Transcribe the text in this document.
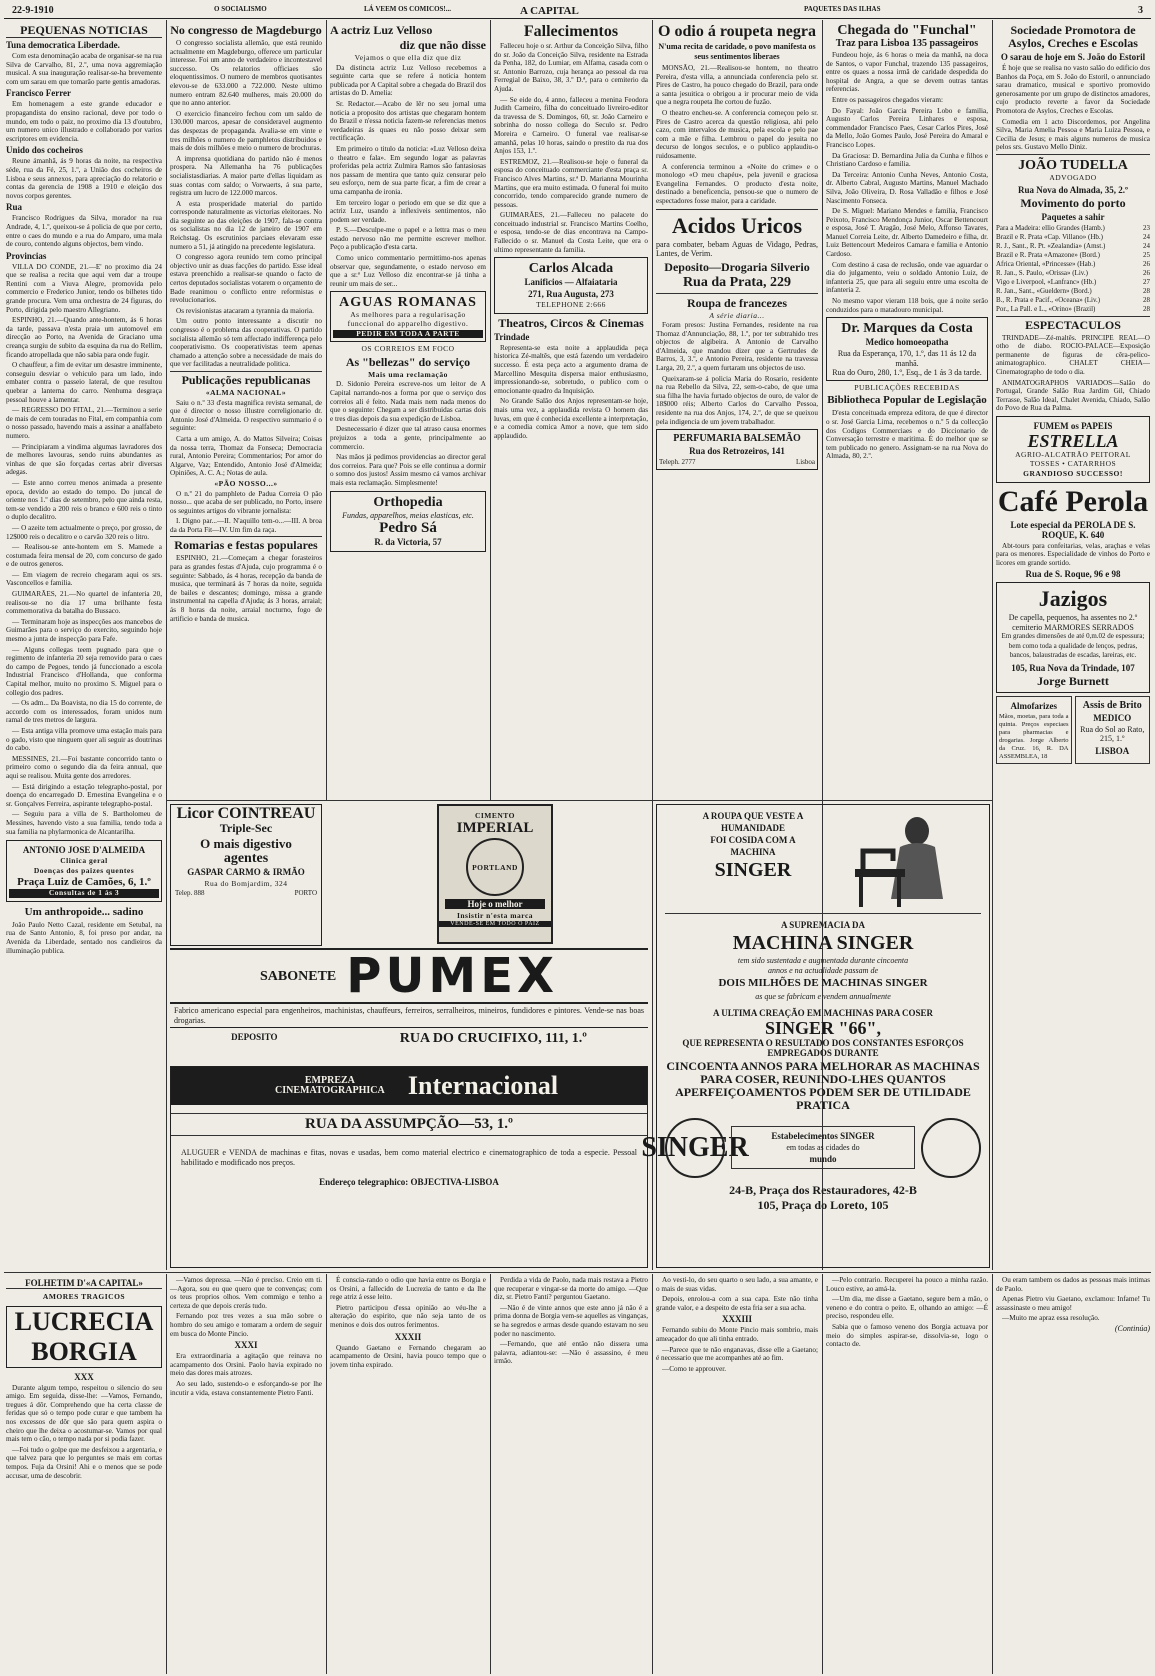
22-9-1910	O SOCIALISMO	LÁ VEEM OS COMICOS!...	A CAPITAL	PAQUETES DAS ILHAS	3
PEQUENAS NOTICIAS
Tuna democratica Liberdade.

Com esta denominação acaba de organisar-se na rua Silva de Carvalho, 81, 2.º, uma nova aggremiação musical. A sua inauguração realisar-se-ha brevemente com um sarau em que tomarão parte gentis amadoras.

Francisco Ferrer

Em homenagem a este grande educador e propagandista do ensino racional, deve por todo o mundo, em todo o paiz, no proximo dia 13 d'outubro, um numero unico illustrado e collaborado por varios escriptores em evidencia.

Unido dos cocheiros

Reune ámanhã, ás 9 horas da noite, na respectiva séde, rua da Fé, 25, 1.º, a União dos cocheiros de Lisboa e seus annexos, para apreciação do relatorio e contas da gerencia de 1908 a 1910 e eleição dos novos corpos gerentes.

Rua

Francisco Rodrigues da Silva, morador na rua Andrade, 4, 1.º, queixou-se á policia de que por certo, entre o caes do mundo e a rua do Amparo, uma mala de couro, contendo alguns objectos, bem vindo.

Provincias

VILLA DO CONDE, 21.—E' no proximo dia 24 que se realisa a recita que aqui vem dar a troupe Rentini com a Viuva Alegre, promovida pelo commercio e Frederico Junior, tendo os bilhetes tido grande procura. Vem uma orchestra de 24 figuras, do Porto, dirigida pelo maestro Allegriano.

ESPINHO, 21.—Quando ante-hontem, ás 6 horas da tarde, passava n'esta praia um automovel em direcção ao Porto, na Avenida de Graciano uma creança surgiu de subito da esquina da rua do Rellim, ficando atropellada que não sabia para onde fugir.

O chauffeur, a fim de evitar um desastre imminente, conseguiu desviar o vehiculo para um lado, indo embater contra o passeio lateral, de que resultou quebrar a lanterna do carro. Nenhuma desgraça pessoal houve a lamentar.

— REGRESSO DO FITAL, 21.—Terminou a serie de mais de cem touradas no Fital, em companhia com o nosso passado, havendo mais a assinar a analfabeto numero.

— Principiaram a vindima algumas lavradores dos de melhores lavouras, sendo ruins abundantes as vinhas de que são forçadas certas abrir diversas adegas.

— Este anno correu menos animada a presente epoca, devido ao estado do tempo. Do juncal de oriente nos 1.º dias de setembro, pelo que ainda resta, tem-se vendido a 200 reis o branco e 600 reis o tinto o duplo decalitro.

— O azeite tem actualmente o preço, por grosso, de 12$000 reis o decalitro e o carvão 320 reis o litro.

— Realisou-se ante-hontem em S. Mamede a costumada feira mensal de 20, com concurso de gado e de outros generos.

— Em viagem de recreio chegaram aqui os srs. Vasconcellos e familia.

GUIMARÃES, 21.—No quartel de infanteria 20, realisou-se no dia 17 uma brilhante festa commemorativa da batalha do Bussaco.

— Terminaram hoje as inspecções aos mancebos de Guimarães para o serviço do exercito, seguindo hoje mesmo a junta de inspecção para Fafe.

— Alguns collegas teem pugnado para que o regimento de infanteria 20 seja removido para o caes do campo de Pegoes, tendo já funccionado a escola Industrial Francisco d'Hollanda, que conforma Capital melhor, muito no proximo S. Miguel para o collegio dos padres.

— Os adm... Da Boavista, no dia 15 do corrente, de accordo com os interessados, foram unidos num ramal de tres metros de largura.

— Esta antiga villa promove uma estação mais para o gado, visto que ninguem quer ali seguir as doutrinas do cabo.

MESSINES, 21.—Foi bastante concorrido tanto o primeiro como o segundo dia da feira annual, que aqui se realisou. Muita gente dos arredores.

— Está dirigindo a estação telegrapho-postal, por doença do encarregado D. Ernestina Evangelina e o sr. Gonçalves Ferreira, aspirante telegrapho-postal.

— Seguiu para a villa de S. Bartholomeu de Messines, havendo visto a sua familia, tendo toda a sua familia na phylarmonica de Alcantarilha.

ANTONIO JOSE D'ALMEIDA
Clinica geral
Doenças dos paizes quentes
Praça Luiz de Camões, 6, 1.º
Consultas de 1 ás 3
Um anthropoide... sadino

João Paulo Netto Cazal, residente em Setubal, na rua de Santo Antonio, 8, foi preso por andar, na Avenida da Liberdade, sentado nos candieiros da illuminação publica.

No congresso de Magdeburgo

O congresso socialista allemão, que está reunido actualmente em Magdeburgo, offerece um particular interesse. Foi um anno de verdadeiro e incontestavel successo. Os relatorios officiaes são eloquentissimos. O numero de membros quotisantes elevou-se de 633.000 a 722.000. Neste ultimo numero entram 82.640 mulheres, mais 20.000 do que no anno anterior.

O exercicio financeiro fechou com um saldo de 130.000 marcos, apesar de consideravel augmento das despezas de propaganda. Avalia-se em vinte e tres milhões o numero de pamphletos distribuidos e mais de dois milhões e meio o numero de brochuras.

A imprensa quotidiana do partido não é menos prospera. Na Allemanha ha 76 publicações socialistasdiarias. A maior parte d'ellas liquidam as suas contas com saldo; o Vorwaerts, á sua parte, registra um lucro de 122.000 marcos.

A esta prosperidade material do partido corresponde naturalmente as victorias eleitoraes. No dia seguinte ao das eleições de 1907, fala-se contra os socialistas no dia 12 de janeiro de 1907 em Reichstag. Os escrutinios parciaes elevaram esse numero a 51, já atingido na precedente legislatura.

O congresso agora reunido tem como principal objectivo unir as duas facções do partido. Esse ideal estava preenchido a realisar-se quando o facto de certos deputados socialistas votarem o orçamento de Bade reanimou o conflicto entre reformistas e revolucionarios.

Os revisionistas atacaram a tyrannia da maioria.

Um outro ponto interessante a discutir no congresso é o problema das cooperativas. O partido socialista allemão só tem affectado indifferença pelo cooperativismo. Os cooperativistas teem apenas chamado a attenção sobre a necessidade de mais do que ver facilitadas a neutralidade politica.

Publicações republicanas
«ALMA NACIONAL»

Saiu o n.º 33 d'esta magnifica revista semanal, de que é director o nosso illustre correligionario dr. Antonio José d'Almeida. O respectivo summario é o seguinte:

Carta a um amigo, A. do Mattos Silveira; Coisas da nossa terra, Thomaz da Fonseca; Democracia rural, Antonio Pereira; Commentarios; Por amor do Algarve, Vaz; Entendido, Antonio José d'Almeida; Opiniões, A. C. A.; Notas de aula.

«PÃO NOSSO...»

O n.º 21 do pamphleto de Padua Correia O pão nosso... que acaba de ser publicado, no Porto, insere os seguintes artigos do vibrante jornalista:

I. Digno par...—II. N'aquillo tem-o...—III. A broa da da Porta Fit—IV. Um fim da raça.

Romarias e festas populares

ESPINHO, 21.—Começam a chegar forasteiros para as grandes festas d'Ajuda, cujo programma é o seguinte: Sabbado, ás 4 horas, recepção da banda de musica, que terminará ás 7 horas da noite, seguida de bailes e descantes; domingo, missa a grande instrumental na capella d'Ajuda; ás 3 horas, arraial; ás 8 horas da noite, arraial nocturno, fogo de artificio e banda de musica.

A actriz Luz Velloso
diz que não disse
Vejamos o que ella diz que diz

Da distincta actriz Luz Velloso recebemos a seguinte carta que se refere á noticia hontem publicada por A Capital sobre a chegada do Brazil dos artistas do D. Amelia:

Sr. Redactor.—Acabo de lêr no seu jornal uma noticia a proposito dos artistas que chegaram hontem do Brazil e n'essa noticia fazem-se referencias menos verdadeiras ás quaes eu não posso deixar sem rectificação.

Em primeiro o titulo da noticia: «Luz Velloso deixa o theatro e fala». Em segundo logar as palavras proferidas pela actriz Zulmira Ramos são fantasiosas nos passam de mentira que tanto quiz censurar pelo seu esforço, nem de sua parte ficar, a fim de crear a uma campanha de ironia.

Em terceiro logar o periodo em que se diz que a actriz Luz, usando a inflexiveis sentimentos, não podem ser verdade.

P. S.—Desculpe-me o papel e a lettra mas o meu estado nervoso não me permitte escrever melhor. Peço a publicação d'esta carta.

Como unico commentario permittimo-nos apenas observar que, segundamente, o estado nervoso em que a sr.ª Luz Velloso diz encontrar-se já tinha a reunir um mais de ser...

AGUAS ROMANAS
As melhores para a regularisação funccional do apparelho digestivo.
PEDIR EM TODA A PARTE
OS CORREIOS EM FOCO
As "bellezas" do serviço
Mais uma reclamação

D. Sidonio Pereira escreve-nos um leitor de A Capital narrando-nos a forma por que o serviço dos correios ali é feito. Nada mais nem nada menos do que o seguinte: Chegam a ser distribuidas cartas dois e tres dias depois da sua expedição de Lisboa.

Desnecessario é dizer que tal atraso causa enormes prejuizos a toda a gente, principalmente ao commercio.

Nas mãos já pedimos providencias ao director geral dos correios. Para que? Pois se elle continua a dormir o somno dos justos! Assim mesmo cá vamos archivar mais esta reclamação. Simplesmente!

Orthopedia
Fundas, apparelhos, meias elasticas, etc.
Pedro Sá
R. da Victoria, 57
Fallecimentos

Falleceu hoje o sr. Arthur da Conceição Silva, filho do sr. João da Conceição Silva, residente na Estrada da Penha, 182, do Lumiar, em Alfama, casada com o sr. Antonio Barrozo, cuja herança ao pessoal da rua Ferregial de Baixo, 38, 3.º D.ª, para o cemiterio da Ajuda.

— Se eide do, 4 anno, falleceu a menina Feodora Judith Carneiro, filha do conceituado livreiro-editor da travessa de S. Domingos, 60, sr. João Carneiro e sobrinha do nosso collega do Seculo sr. Pedro Moreira e Carneiro. O funeral vae realisar-se amanhã, pelas 10 horas, saindo o prestito da rua dos Anjos 153, 1.º.

ESTREMOZ, 21.—Realisou-se hoje o funeral da esposa do conceituado commerciante d'esta praça sr. Francisco Alves Martins, sr.ª D. Marianna Mourinha Martins, que era muito estimada. O funeral foi muito concorrido, tendo comparecido grande numero de pessoas.

GUIMARÃES, 21.—Falleceu no palacete do conceituado industrial sr. Francisco Martins Coelho, e esposa, tendo-se de dias encontrava na Campo-Fallecido o sr. Manuel da Costa Leite, que era o ultimo representante da familia.

Carlos Alcada
Lanificios — Alfaiataria
271, Rua Augusta, 273
TELEPHONE 2:666
Theatros, Circos & Cinemas
Trindade

Representa-se esta noite a applaudida peça historica Zé-maltês, que está fazendo um verdadeiro successo. É esta peça acto a argumento drama de Marcellino Mesquita dispersa maior enthusiasmo, impressionando-se, sobretudo, o publico com o emocionante quadro da Inquisição.

No Grande Salão dos Anjos representam-se hoje, mais uma vez, a applaudida revista O homem das luvas, em que é conhecida excellente a interpretação, e a comedia comica Amor a nove, que tem sido applaudido.

O odio á roupeta negra
N'uma recita de caridade, o povo manifesta os seus sentimentos liberaes

MONSÃO, 21.—Realisou-se hontem, no theatro Pereira, d'esta villa, a annunciada conferencia pelo sr. Pires de Castro, ha pouco chegado do Brazil, para onde a santa jesuitica o obrigou a ir procurar meio de vida que a negra roupeta lhe cortou de fuzão.

O theatro encheu-se. A conferencia começou pelo sr. Pires de Castro acerca da questão religiosa, ahi pelo cazo, com intervalos de musica, pela escola e pelo pae com a mãe e filha. Lembrou o papel do jesuita no decurso de longos seculos, e o publico applaudiu-o ruidosamente.

A conferencia terminou a «Noite do crime» e o monologo «O meu chapéu», pela juvenil e graciosa Evangelina Fernandes. O producto d'esta noite, destinado a beneficencia, pensou-se que o numero de espectadores fosse maior, para a caridade.

Acidos Uricos
para combater, bebam Aguas de Vidago, Pedras, Lantes, de Verim.
Deposito—Drogaria Silverio
Rua da Prata, 229
Roupa de francezes
A série diaria...

Foram presos: Justina Fernandes, residente na rua Thomaz d'Annunciação, 88, 1.º, por ter subtrahido tres objectos de algibeira. A Antonio de Carvalho d'Almeida, que mandou dizer que a Gertrudes de Barros, 3, 3.º, e Antonio Pereira, residente na travessa Larga, 20, 2.º, a quem furtaram uns objectos de uso.

Queixaram-se á policia Maria do Rosario, residente na rua Rebello da Silva, 22, sem-o-cabo, de que uma sua filha lhe havia furtado objectos de ouro, de valor de 18$000 réis; Alberto Carlos do Carvalho Pessoa, residente na rua dos Anjos, 174, 2.º, de que se queixou pela indigencia de um jovem trabalhador.

PERFUMARIA BALSEMÃO
Rua dos Retrozeiros, 141
Teleph. 2777	Lisboa
Chegada do "Funchal"
Traz para Lisboa 135 passageiros

Fundeou hoje, ás 6 horas o meia da manhã, na doca de Santos, o vapor Funchal, trazendo 135 passageiros, entre os quaes a nossa irmã de caridade despedida do hospital de Angra, a que se devem outras tantas referencias.

Entre os passageiros chegados vieram:

Do Fayal: João Garcia Pereira Lobo e familia, Augusto Carlos Pereira Linhares e esposa, commendador Francisco Paes, Cesar Carlos Pires, José da Mello, João Gomes Paulo, José Pereira do Amaral e Francisco Lopes.

Da Graciosa: D. Bernardina Julia da Cunha e filhos e Christiano Cardoso e familia.

Da Terceira: Antonio Cunha Neves, Antonio Costa, dr. Alberto Cabral, Augusto Martins, Manuel Machado Silva, João Oliveira, D. Rosa Valladão e filhos e José Nascimento Fonseca.

De S. Miguel: Mariano Mendes e familia, Francisco Peixoto, Francisco Mendonça Junior, Oscar Bettencourt e esposa, José T. Aragão, José Melo, Affonso Tavares, Manuel Correia Leite, dr. Alberto Damedeiro e filha, dr. Luiz Bettencourt Medeiros Camara e familia e Antonio Cardoso.

Com destino á casa de reclusão, onde vae aguardar o dia do julgamento, veiu o soldado Antonio Luiz, de infanteria 25, que para ali seguiu entre uma escolta de infanteria 2.

No mesmo vapor vieram 118 bois, que á noite serão conduzidos para o matadouro municipal.

Dr. Marques da Costa
Medico homoeopatha
Rua da Esperança, 170, 1.º, das 11 ás 12 da manhã.
Rua do Ouro, 280, 1.º, Esq., de 1 ás 3 da tarde.
PUBLICAÇÕES RECEBIDAS
Bibliotheca Popular de Legislação

D'esta conceituada empreza editora, de que é director o sr. José Garcia Lima, recebemos o n.º 5 da collecção dos Codigos Commerciaes e do Diccionario de Conversação terrestre e maritima. É do melhor que se tem publicado no genero. Assignam-se na rua Nova do Almada, 80, 2.º.

Sociedade Promotora de Asylos, Creches e Escolas
O sarau de hoje em S. João do Estoril

É hoje que se realisa no vasto salão do edificio dos Banhos da Poça, em S. João do Estoril, o annunciado sarau dramatico, musical e sportivo promovido generosamente por um grupo de distinctos amadores, cujo producto reverte a favor da Sociedade Promotora de Asylos, Creches e Escolas.

Comedia em 1 acto Discordemos, por Angelina Silva, Maria Amelia Pessoa e Maria Luiza Pessoa, e Cecilia de Jesus; e mais alguns numeros de musica pelos srs. Gustavo Mello Diniz.

JOÃO TUDELLA
ADVOGADO
Rua Nova do Almada, 35, 2.º
Movimento do porto
Paquetes a sahir
Para a Madeira: ellio Grandes (Hamb.)	23
Brazil e R. Prata «Cap. Villano» (Hb.)	24
R. J., Sant., R. Pt. «Zealandia» (Amst.)	24
Brazil e R. Prata «Amazone» (Bord.)	25
Africa Oriental, «Princesse» (Hab.)	26
R. Jan., S. Paulo, «Orissa» (Liv.)	26
Vigo e Liverpool, «Lanfranc» (Hb.)	27
R. Jan., Sant., «Gueldern» (Bord.)	28
B., R. Prata e Pacif., «Oceana» (Liv.)	28
Por., La Pall. e L., «Orino» (Brazil)	28
ESPECTACULOS

TRINDADE—Zé-maltês. PRINCIPE REAL—O otho de diabo. ROCIO-PALACE—Exposição permanente de figuras de cêra-pelico-animatographico. CHALET CHEIA—Cinematographo de todo o dia.

ANIMATOGRAPHOS VARIADOS—Salão do Portugal, Grande Salão Rua Jardim Gil, Chiado Terrasse, Salão Ideal, Chalet Avenida, Chiado, Salão do Povo de Rua da Palma.

FUMEM os PAPEIS
ESTRELLA
AGRIO-ALCATRÃO PEITORAL
TOSSES • CATARRHOS
GRANDIOSO SUCCESSO!
Café Perola
Lote especial da PEROLA DE S. ROQUE, K. 640

Abt-tours para confeitarias, velas, araçhas e velas para os menores. Especialidade de vinhos do Porto e licores em grande sortido.

Rua de S. Roque, 96 e 98
Jazigos
De capella, pequenos, ha assentes no 2.º cemiterio MARMORES SERRADOS
Em grandes dimensões de até 0,m.02 de espessura; bem como toda a qualidade de lenços, pedras, bancos, balaustradas de escadas, lareiras, etc.
105, Rua Nova da Trindade, 107
Jorge Burnett
Almofarizes
Mãos, moetas, para toda a quinta. Preços especiaes para pharmacias e drogarias. Jorge Alberto da Cruz. 16, R. DA ASSEMBLEA, 18
Assis de Brito
MEDICO
Rua do Sol ao Rato, 215, 1.º
LISBOA
Licor COINTREAU
Triple-Sec
O mais digestivo
agentes
GASPAR CARMO & IRMÃO
Rua do Bomjardim, 324
Telep. 888	PORTO
CIMENTO
IMPERIAL
PORTLAND
Hoje o melhor
Insistir n'esta marca
VENDE-SE EM TODO O PAIZ
SABONETE PUMEX
Fabrico americano especial para engenheiros, machinistas, chauffeurs, ferreiros, serralheiros, mineiros, fundidores e pintores. Vende-se nas boas drogarias.
DEPOSITO	RUA DO CRUCIFIXO, 111, 1.º
EMPREZA CINEMATOGRAPHICA Internacional
RUA DA ASSUMPÇÃO—53, 1.º
ALUGUER e VENDA de machinas e fitas, novas e usadas, bem como material electrico e cinematographico de toda a especie. Pessoal habilitado e modificado nos preços.
Endereço telegraphico: OBJECTIVA-LISBOA
A ROUPA QUE VESTE A
HUMANIDADE
FOI COSIDA COM A
MACHINA
SINGER
A SUPREMACIA DA
MACHINA SINGER
tem sido sustentada e augmentada durante cincoenta
annos e na actualidade passam de
DOIS MILHÕES DE MACHINAS SINGER
as que se fabricam e vendem annualmente
A ULTIMA CREAÇÃO EM MACHINAS PARA COSER
SINGER "66",
QUE REPRESENTA O RESULTADO DOS CONSTANTES ESFORÇOS EMPREGADOS DURANTE
CINCOENTA ANNOS PARA MELHORAR AS MACHINAS PARA COSER, REUNINDO-LHES QUANTOS APERFEIÇOAMENTOS PODEM SER DE UTILIDADE PRATICA
SINGER	Estabelecimentos SINGER
em todas as cidades do
mundo
24-B, Praça dos Restauradores, 42-B
105, Praça do Loreto, 105
FOLHETIM D'«A CAPITAL»
AMORES TRAGICOS
LUCRECIA BORGIA
XXX

Durante algum tempo, respeitou o silencio do seu amigo. Em seguida, disse-lhe: —Vamos, Fernando, tregues á dôr. Comprehendo que ha certa classe de feridas que só o tempo pode curar e que tambem ha nos excessos de dôr que são para quem aspira o cheiro que lhe deixa o acostumar-se. Vamos por qual mais tem o cão, o tempo nada por si podia fazer.

—Foi tudo o golpe que me desfeixou a argentaria, e que talvez para que lo perguntes se mais em cortas tempos. Fuja da Orsini! Ahi e o menos que se pode accusar, uma de descobrir.

—Vamos depressa. —Não é preciso. Creio em ti. —Agora, sou eu que quero que te convenças; com os teus proprios olhos. Vem commigo e tenho a certeza de que depois crerás tudo.

Fernando poz tres vezes a sua mão sobre o hombro do seu amigo e tomaram a ordem de seguir em busca do Monte Pincio.

XXXI

Era extraordinaria a agitação que reinava no acampamento dos Orsini. Paolo havia expirado no meio das dores mais atrozes.

Ao seu lado, sustendo-o e esforçando-se por lhe incutir a vida, estava constantemente Pietro Fanti.

É conscia-rando o odio que havia entre os Borgia e os Orsini, a fallecido de Lucrezia de tanto e da lhe rege atriz á esse leito.

Pietro participou d'essa opinião ao véu-lhe a alteração do espirito, que não seja tanto de os meninos e dois dos outros ferimentos.

XXXII

Quando Gaetano e Fernando chegaram ao acampamento de Orsini, havia pouco tempo que o jovem tinha expirado.

Perdida a vida de Paolo, nada mais restava a Pietro que recuperar e vingar-se da morte do amigo. —Que diz, sr. Pietro Fanti? perguntou Gaetano.

—Não é de vinte annos que este anno já não é a prima donna de Borgia vem-se aquelles as vinganças, se ha segredos e armas desde quando estavam no seu poder no nascimento.

—Fernando, que até então não dissera uma palavra, adiantou-se: —Não é assassino, é meu irmão.

Ao vesti-lo, do seu quarto o seu lado, a sua amante, e o mais de suas vidas.

Depois, enrolou-a com a sua capa. Este não tinha grande valor, e a despeito de esta fria ser a sua acha.

XXXIII

Fernando subiu do Monte Pincio mais sombrio, mais ameaçador do que ali tinha entrado.

—Parece que te não enganavas, disse elle a Gaetano; é necessario que me acompanhes até ao fim.

—Como te approuver.

—Pelo contrario. Recuperei ha pouco a minha razão. Louco estive, ao amá-la.

—Um dia, me disse a Gaetano, segure bem a mão, o veneno e do contra o peito. E, olhando ao amigo: —É preciso, respondeu elle.

Sabia que o famoso veneno dos Borgia actuava por meio do simples aspirar-se, dissolvia-se, logo o contacto de.

Ou eram tambem os dados as pessoas mais intimas de Paolo.

Apenas Pietro viu Gaetano, exclamou: Infame! Tu assassinaste o meu amigo!

—Muito me apraz essa resolução.

(Continúa)
